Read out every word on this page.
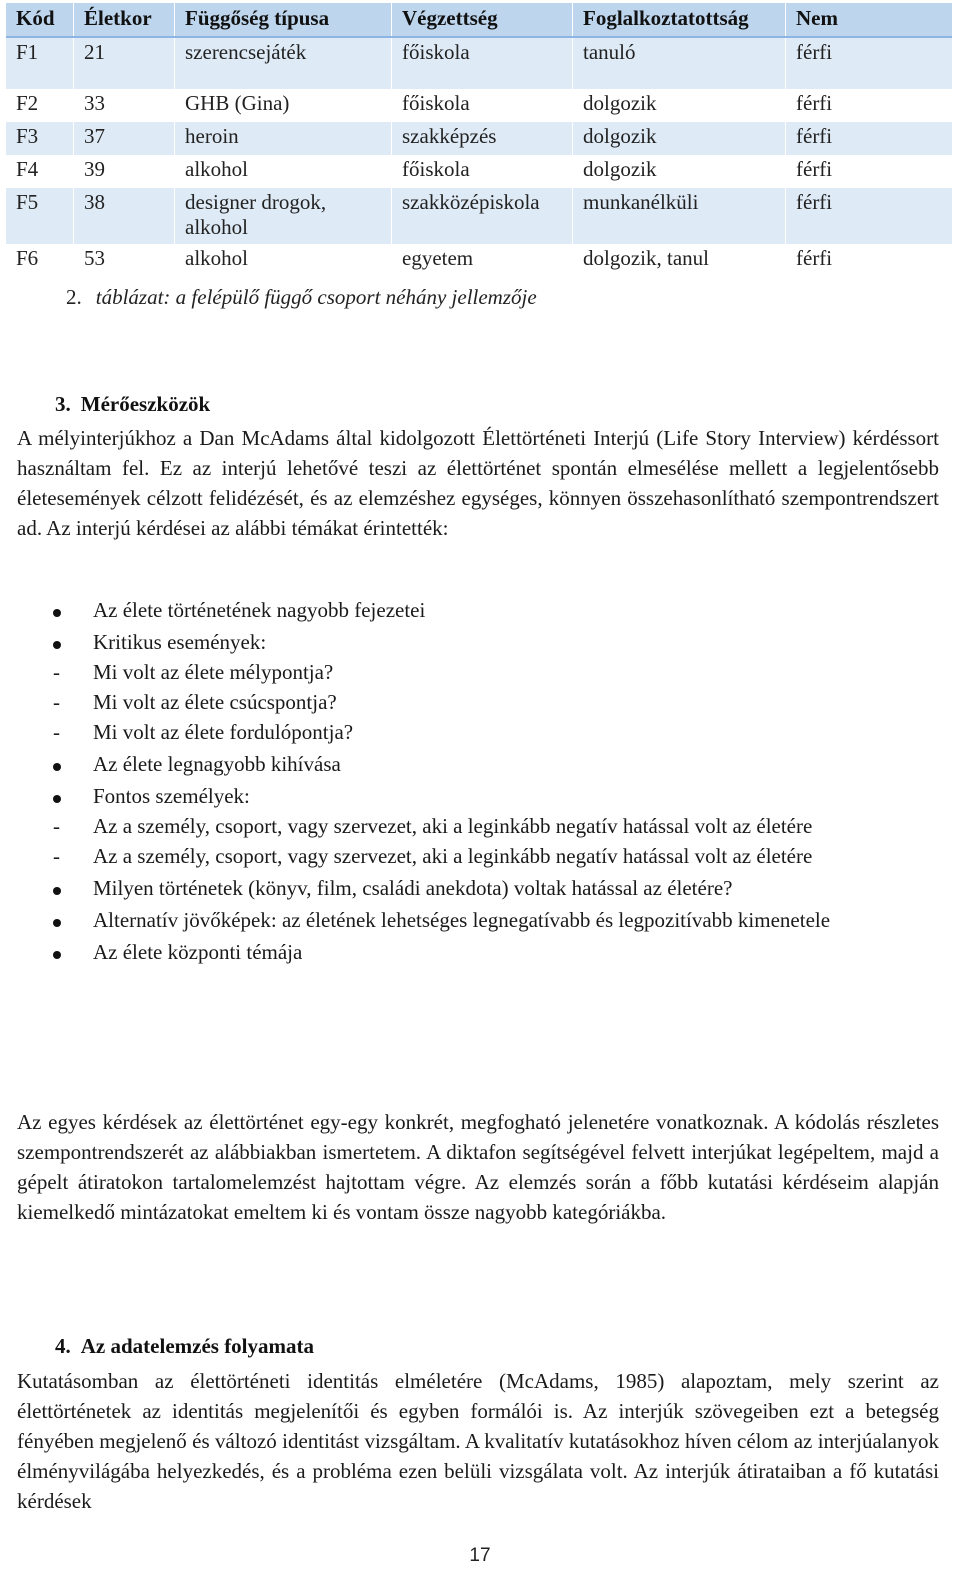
Kód	Életkor	Függőség típusa	Végzettség	Foglalkoztatottság	Nem
F1	21	szerencsejáték	főiskola	tanuló	férfi
F2	33	GHB (Gina)	főiskola	dolgozik	férfi
F3	37	heroin	szakképzés	dolgozik	férfi
F4	39	alkohol	főiskola	dolgozik	férfi
F5	38	designer drogok, alkohol	szakközépiskola	munkanélküli	férfi
F6	53	alkohol	egyetem	dolgozik, tanul	férfi
2. táblázat: a felépülő függő csoport néhány jellemzője
3. Mérőeszközök

A mélyinterjúkhoz a Dan McAdams által kidolgozott Élettörténeti Interjú (Life Story Interview) kérdéssort használtam fel. Ez az interjú lehetővé teszi az élettörténet spontán elmesélése mellett a legjelentősebb életesemények célzott felidézését, és az elemzéshez egységes, könnyen összehasonlítható szempontrendszert ad. Az interjú kérdései az alábbi témákat érintették:

Az élete történetének nagyobb fejezetei
Kritikus események:
-	Mi volt az élete mélypontja?
-	Mi volt az élete csúcspontja?
-	Mi volt az élete fordulópontja?
Az élete legnagyobb kihívása
Fontos személyek:
-	Az a személy, csoport, vagy szervezet, aki a leginkább negatív hatással volt az életére
-	Az a személy, csoport, vagy szervezet, aki a leginkább negatív hatással volt az életére
Milyen történetek (könyv, film, családi anekdota) voltak hatással az életére?
Alternatív jövőképek: az életének lehetséges legnegatívabb és legpozitívabb kimenetele
Az élete központi témája

Az egyes kérdések az élettörténet egy-egy konkrét, megfogható jelenetére vonatkoznak. A kódolás részletes szempontrendszerét az alábbiakban ismertetem. A diktafon segítségével felvett interjúkat legépeltem, majd a gépelt átiratokon tartalomelemzést hajtottam végre. Az elemzés során a főbb kutatási kérdéseim alapján kiemelkedő mintázatokat emeltem ki és vontam össze nagyobb kategóriákba.

4. Az adatelemzés folyamata

Kutatásomban az élettörténeti identitás elméletére (McAdams, 1985) alapoztam, mely szerint az élettörténetek az identitás megjelenítői és egyben formálói is. Az interjúk szövegeiben ezt a betegség fényében megjelenő és változó identitást vizsgáltam. A kvalitatív kutatásokhoz híven célom az interjúalanyok élményvilágába helyezkedés, és a probléma ezen belüli vizsgálata volt. Az interjúk átirataiban a fő kutatási kérdések

17
